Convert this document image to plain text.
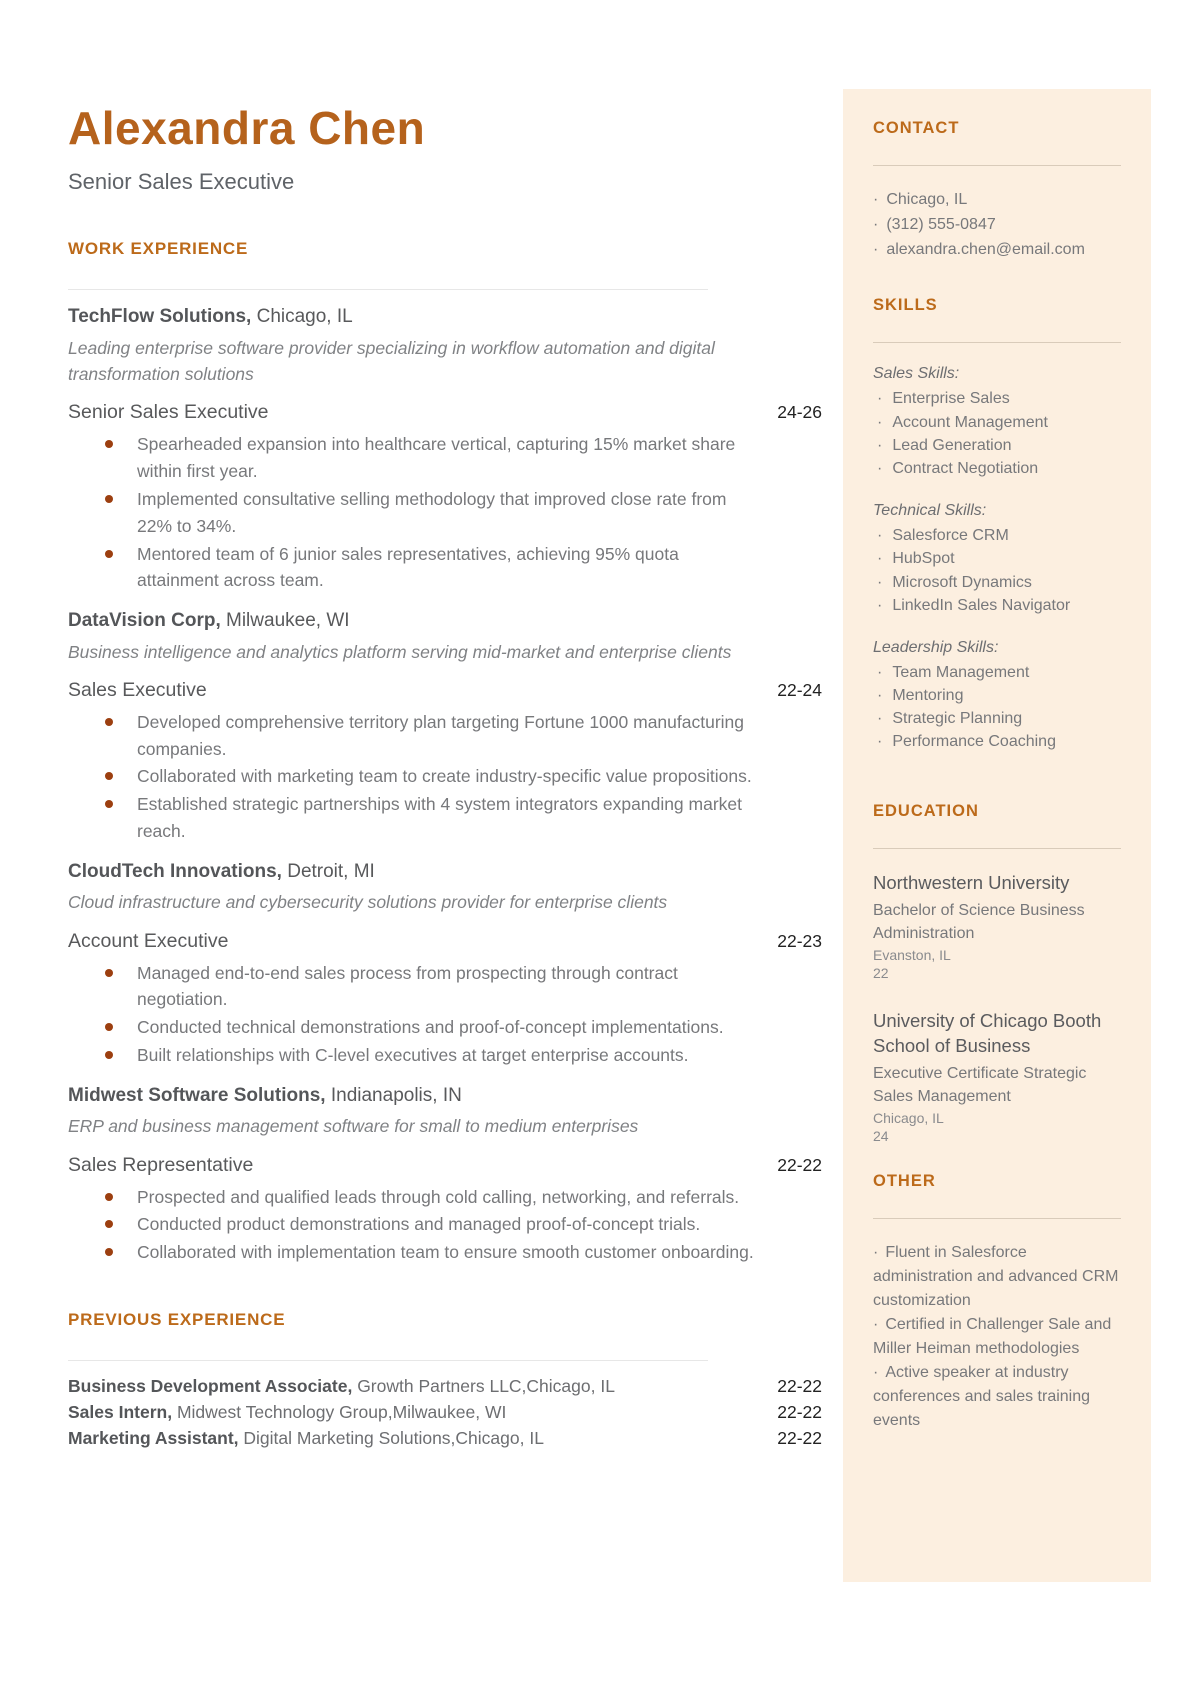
Alexandra Chen
Senior Sales Executive
WORK EXPERIENCE
TechFlow Solutions, Chicago, IL
Leading enterprise software provider specializing in workflow automation and digital transformation solutions
Senior Sales Executive	24-26
Spearheaded expansion into healthcare vertical, capturing 15% market share within first year.
Implemented consultative selling methodology that improved close rate from 22% to 34%.
Mentored team of 6 junior sales representatives, achieving 95% quota attainment across team.
DataVision Corp, Milwaukee, WI
Business intelligence and analytics platform serving mid-market and enterprise clients
Sales Executive	22-24
Developed comprehensive territory plan targeting Fortune 1000 manufacturing companies.
Collaborated with marketing team to create industry-specific value propositions.
Established strategic partnerships with 4 system integrators expanding market reach.
CloudTech Innovations, Detroit, MI
Cloud infrastructure and cybersecurity solutions provider for enterprise clients
Account Executive	22-23
Managed end-to-end sales process from prospecting through contract negotiation.
Conducted technical demonstrations and proof-of-concept implementations.
Built relationships with C-level executives at target enterprise accounts.
Midwest Software Solutions, Indianapolis, IN
ERP and business management software for small to medium enterprises
Sales Representative	22-22
Prospected and qualified leads through cold calling, networking, and referrals.
Conducted product demonstrations and managed proof-of-concept trials.
Collaborated with implementation team to ensure smooth customer onboarding.
PREVIOUS EXPERIENCE
Business Development Associate, Growth Partners LLC,Chicago, IL	22-22
Sales Intern, Midwest Technology Group,Milwaukee, WI	22-22
Marketing Assistant, Digital Marketing Solutions,Chicago, IL	22-22
CONTACT
· Chicago, IL
· (312) 555-0847
· alexandra.chen@email.com
SKILLS
Sales Skills:
· Enterprise Sales
· Account Management
· Lead Generation
· Contract Negotiation
Technical Skills:
· Salesforce CRM
· HubSpot
· Microsoft Dynamics
· LinkedIn Sales Navigator
Leadership Skills:
· Team Management
· Mentoring
· Strategic Planning
· Performance Coaching
EDUCATION
Northwestern University
Bachelor of Science Business Administration
Evanston, IL
22
University of Chicago Booth School of Business
Executive Certificate Strategic Sales Management
Chicago, IL
24
OTHER
· Fluent in Salesforce administration and advanced CRM customization
· Certified in Challenger Sale and Miller Heiman methodologies
· Active speaker at industry conferences and sales training events
